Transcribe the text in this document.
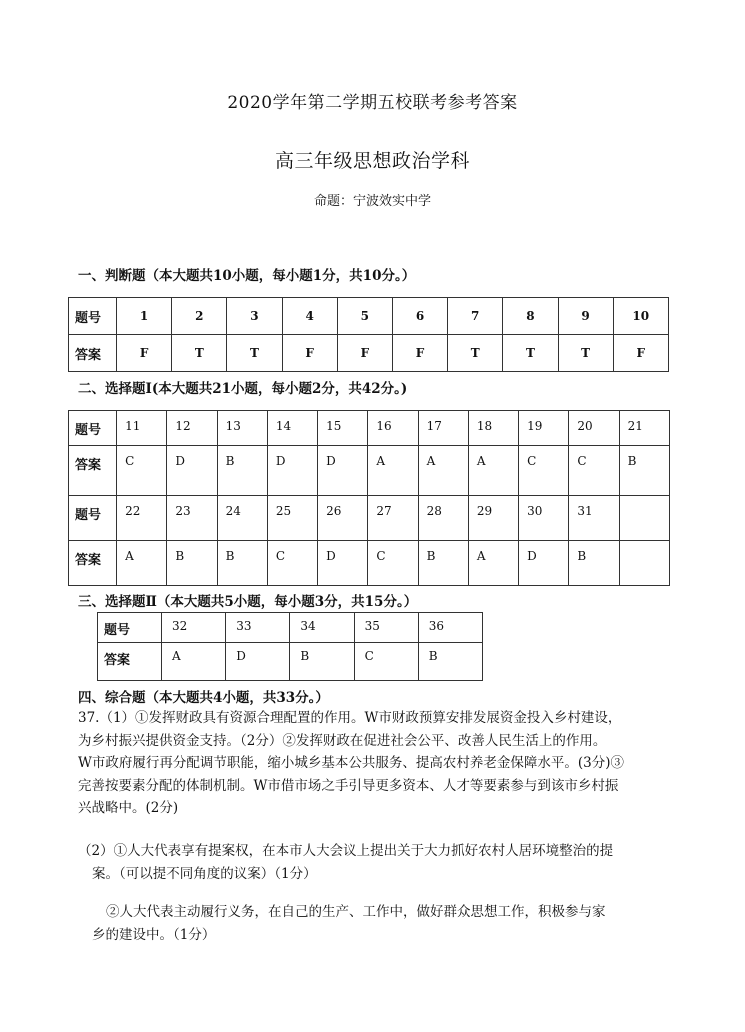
2020学年第二学期五校联考参考答案
高三年级思想政治学科
命题：宁波效实中学
一、判断题（本大题共10小题，每小题1分，共10分。）
题号	1	2	3	4	5	6	7	8	9	10
答案	F	T	T	F	F	F	T	T	T	F
二、选择题Ⅰ(本大题共21小题，每小题2分，共42分。)
题号	11	12	13	14	15	16	17	18	19	20	21
答案	C	D	B	D	D	A	A	A	C	C	B
题号	22	23	24	25	26	27	28	29	30	31	
答案	A	B	B	C	D	C	B	A	D	B	
三、选择题Ⅱ（本大题共5小题，每小题3分，共15分。）
题号	32	33	34	35	36
答案	A	D	B	C	B
四、综合题（本大题共4小题，共33分。）
37.（1）①发挥财政具有资源合理配置的作用。W市财政预算安排发展资金投入乡村建设，
为乡村振兴提供资金支持。（2分）②发挥财政在促进社会公平、改善人民生活上的作用。
W市政府履行再分配调节职能，缩小城乡基本公共服务、提高农村养老金保障水平。(3分)③
完善按要素分配的体制机制。W市借市场之手引导更多资本、人才等要素参与到该市乡村振
兴战略中。(2分)
（2）①人大代表享有提案权，在本市人大会议上提出关于大力抓好农村人居环境整治的提
案。（可以提不同角度的议案）（1分）
②人大代表主动履行义务，在自己的生产、工作中，做好群众思想工作，积极参与家
乡的建设中。（1分）
